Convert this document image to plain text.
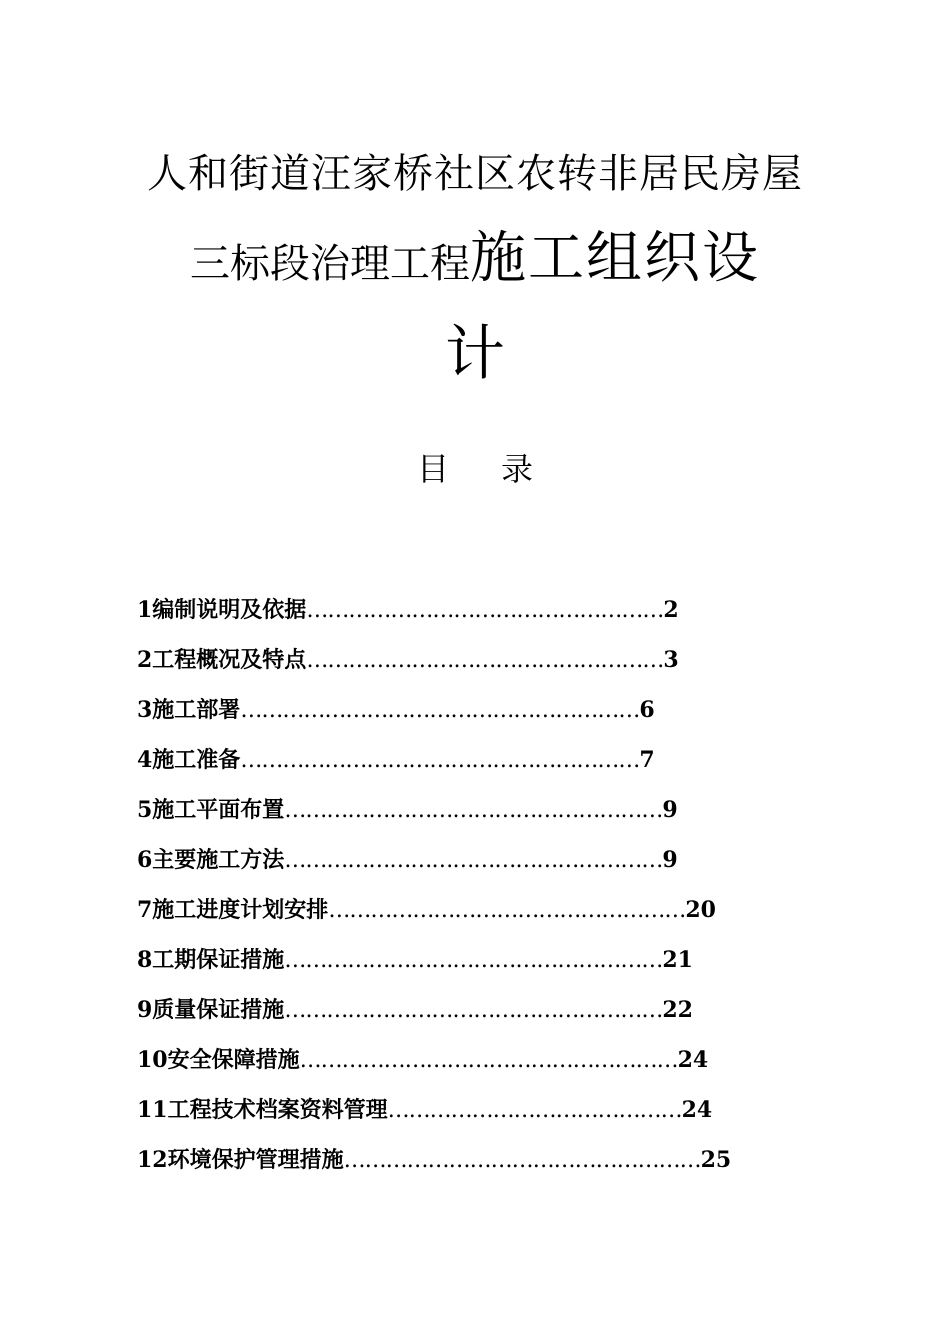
人和街道汪家桥社区农转非居民房屋
三标段治理工程施工组织设
计
目录
1编制说明及依据……………………………………………2
2工程概况及特点……………………………………………3
3施工部署…………………………………………………6
4施工准备…………………………………………………7
5施工平面布置………………………………………………9
6主要施工方法………………………………………………9
7施工进度计划安排……………………………………………20
8工期保证措施………………………………………………21
9质量保证措施………………………………………………22
10安全保障措施………………………………………………24
11工程技术档案资料管理……………………………………24
12环境保护管理措施……………………………………………25
